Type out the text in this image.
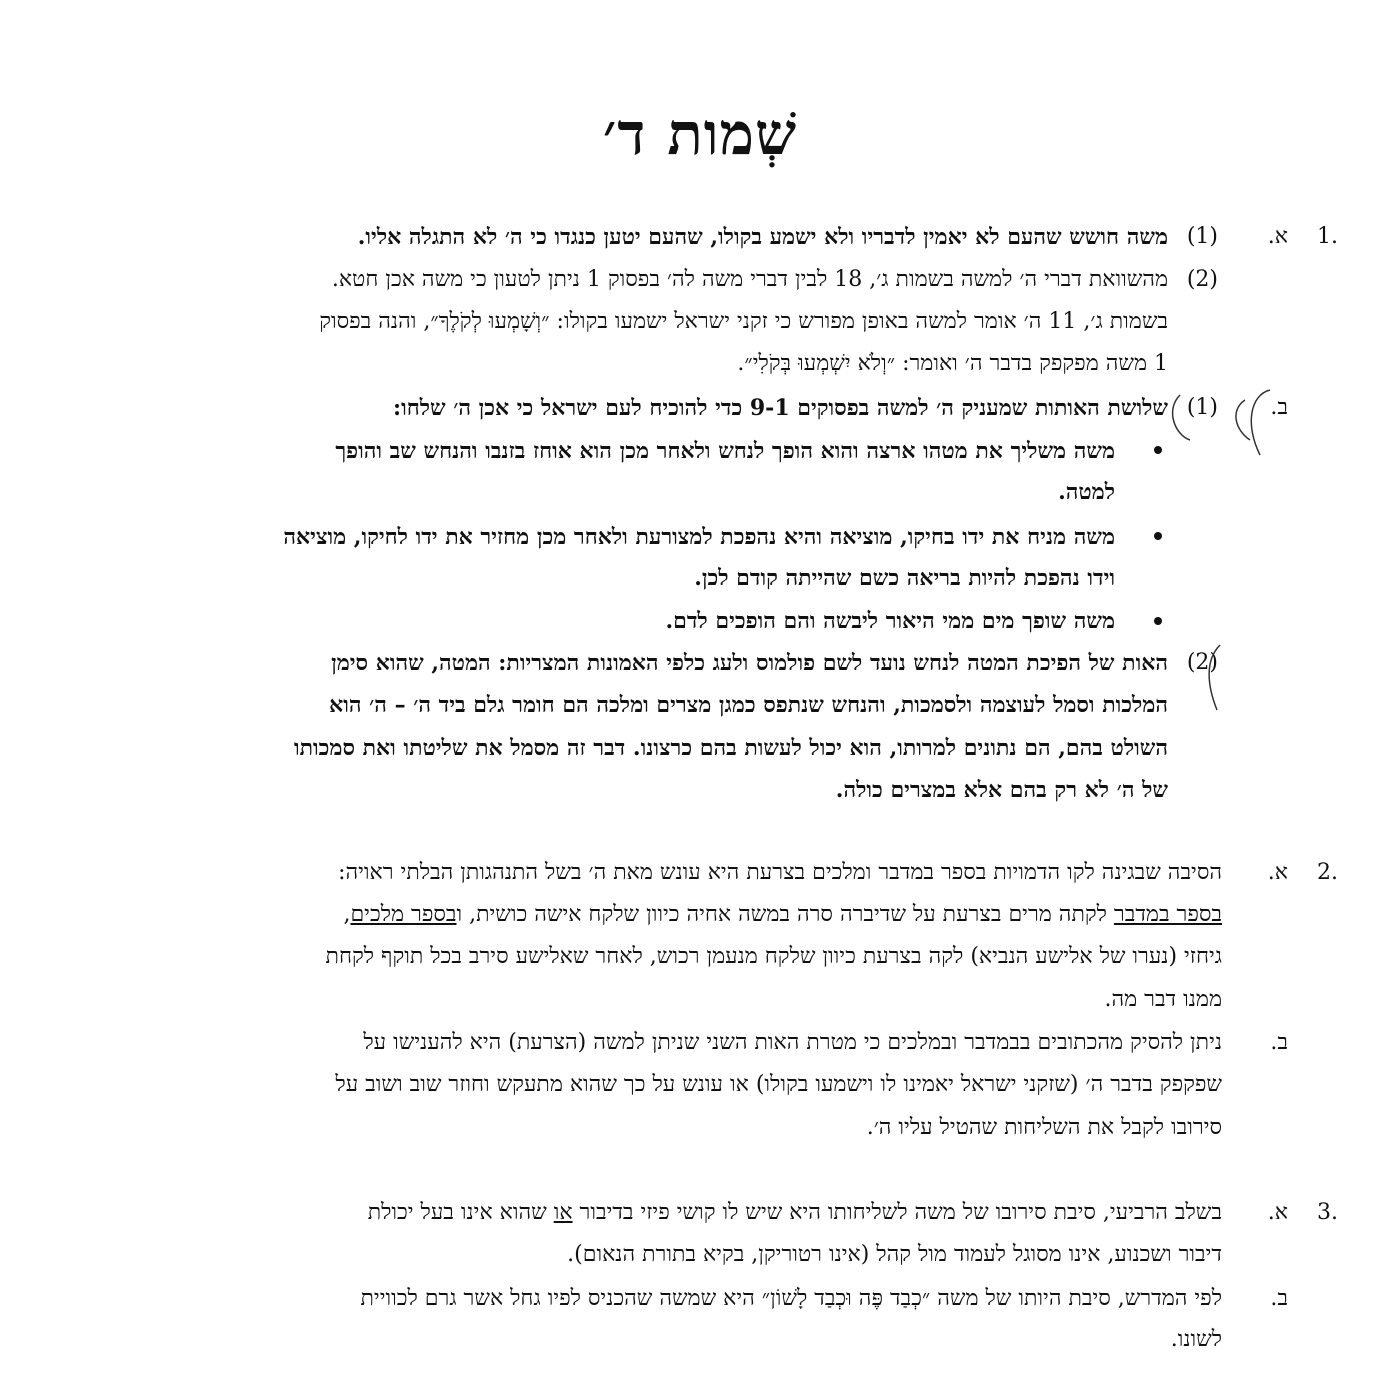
שְׁמות ד׳
.1
א.
(1)
משה חושש שהעם לא יאמין לדבריו ולא ישמע בקולו, שהעם יטען כנגדו כי ה׳ לא התגלה אליו.
(2)
מהשוואת דברי ה׳ למשה בשמות ג׳, 18 לבין דברי משה לה׳ בפסוק 1 ניתן לטעון כי משה אכן חטא.
בשמות ג׳, 11 ה׳ אומר למשה באופן מפורש כי זקני ישראל ישמעו בקולו: ״וְשָׁמְעוּ לְקֹלֶךָ״, והנה בפסוק
1 משה מפקפק בדבר ה׳ ואומר: ״וְלֹא יִשְׁמְעוּ בְּקֹלִי״.
ב.
(1)
שלושת האותות שמעניק ה׳ למשה בפסוקים 9-1 כדי להוכיח לעם ישראל כי אכן ה׳ שלחו:
משה משליך את מטהו ארצה והוא הופך לנחש ולאחר מכן הוא אוחז בזנבו והנחש שב והופך
למטה.
משה מניח את ידו בחיקו, מוציאה והיא נהפכת למצורעת ולאחר מכן מחזיר את ידו לחיקו, מוציאה
וידו נהפכת להיות בריאה כשם שהייתה קודם לכן.
משה שופך מים ממי היאור ליבשה והם הופכים לדם.
(2)
האות של הפיכת המטה לנחש נועד לשם פולמוס ולעג כלפי האמונות המצריות: המטה, שהוא סימן
המלכות וסמל לעוצמה ולסמכות, והנחש שנתפס כמגן מצרים ומלכה הם חומר גלם ביד ה׳ – ה׳ הוא
השולט בהם, הם נתונים למרותו, הוא יכול לעשות בהם כרצונו. דבר זה מסמל את שליטתו ואת סמכותו
של ה׳ לא רק בהם אלא במצרים כולה.
.2
א.
הסיבה שבגינה לקו הדמויות בספר במדבר ומלכים בצרעת היא עונש מאת ה׳ בשל התנהגותן הבלתי ראויה:
בספר במדבר לקתה מרים בצרעת על שדיברה סרה במשה אחיה כיוון שלקח אישה כושית, ובספר מלכים,
גיחזי (נערו של אלישע הנביא) לקה בצרעת כיוון שלקח מנעמן רכוש, לאחר שאלישע סירב בכל תוקף לקחת
ממנו דבר מה.
ב.
ניתן להסיק מהכתובים בבמדבר ובמלכים כי מטרת האות השני שניתן למשה (הצרעת) היא להענישו על
שפקפק בדבר ה׳ (שזקני ישראל יאמינו לו וישמעו בקולו) או עונש על כך שהוא מתעקש וחוזר שוב ושוב על
סירובו לקבל את השליחות שהטיל עליו ה׳.
.3
א.
בשלב הרביעי, סיבת סירובו של משה לשליחותו היא שיש לו קושי פיזי בדיבור או שהוא אינו בעל יכולת
דיבור ושכנוע, אינו מסוגל לעמוד מול קהל (אינו רטוריקן, בקיא בתורת הנאום).
ב.
לפי המדרש, סיבת היותו של משה ״כְבַד פֶּה וּכְבַד לָשׁוֹן״ היא שמשה שהכניס לפיו גחל אשר גרם לכוויית
לשונו.
